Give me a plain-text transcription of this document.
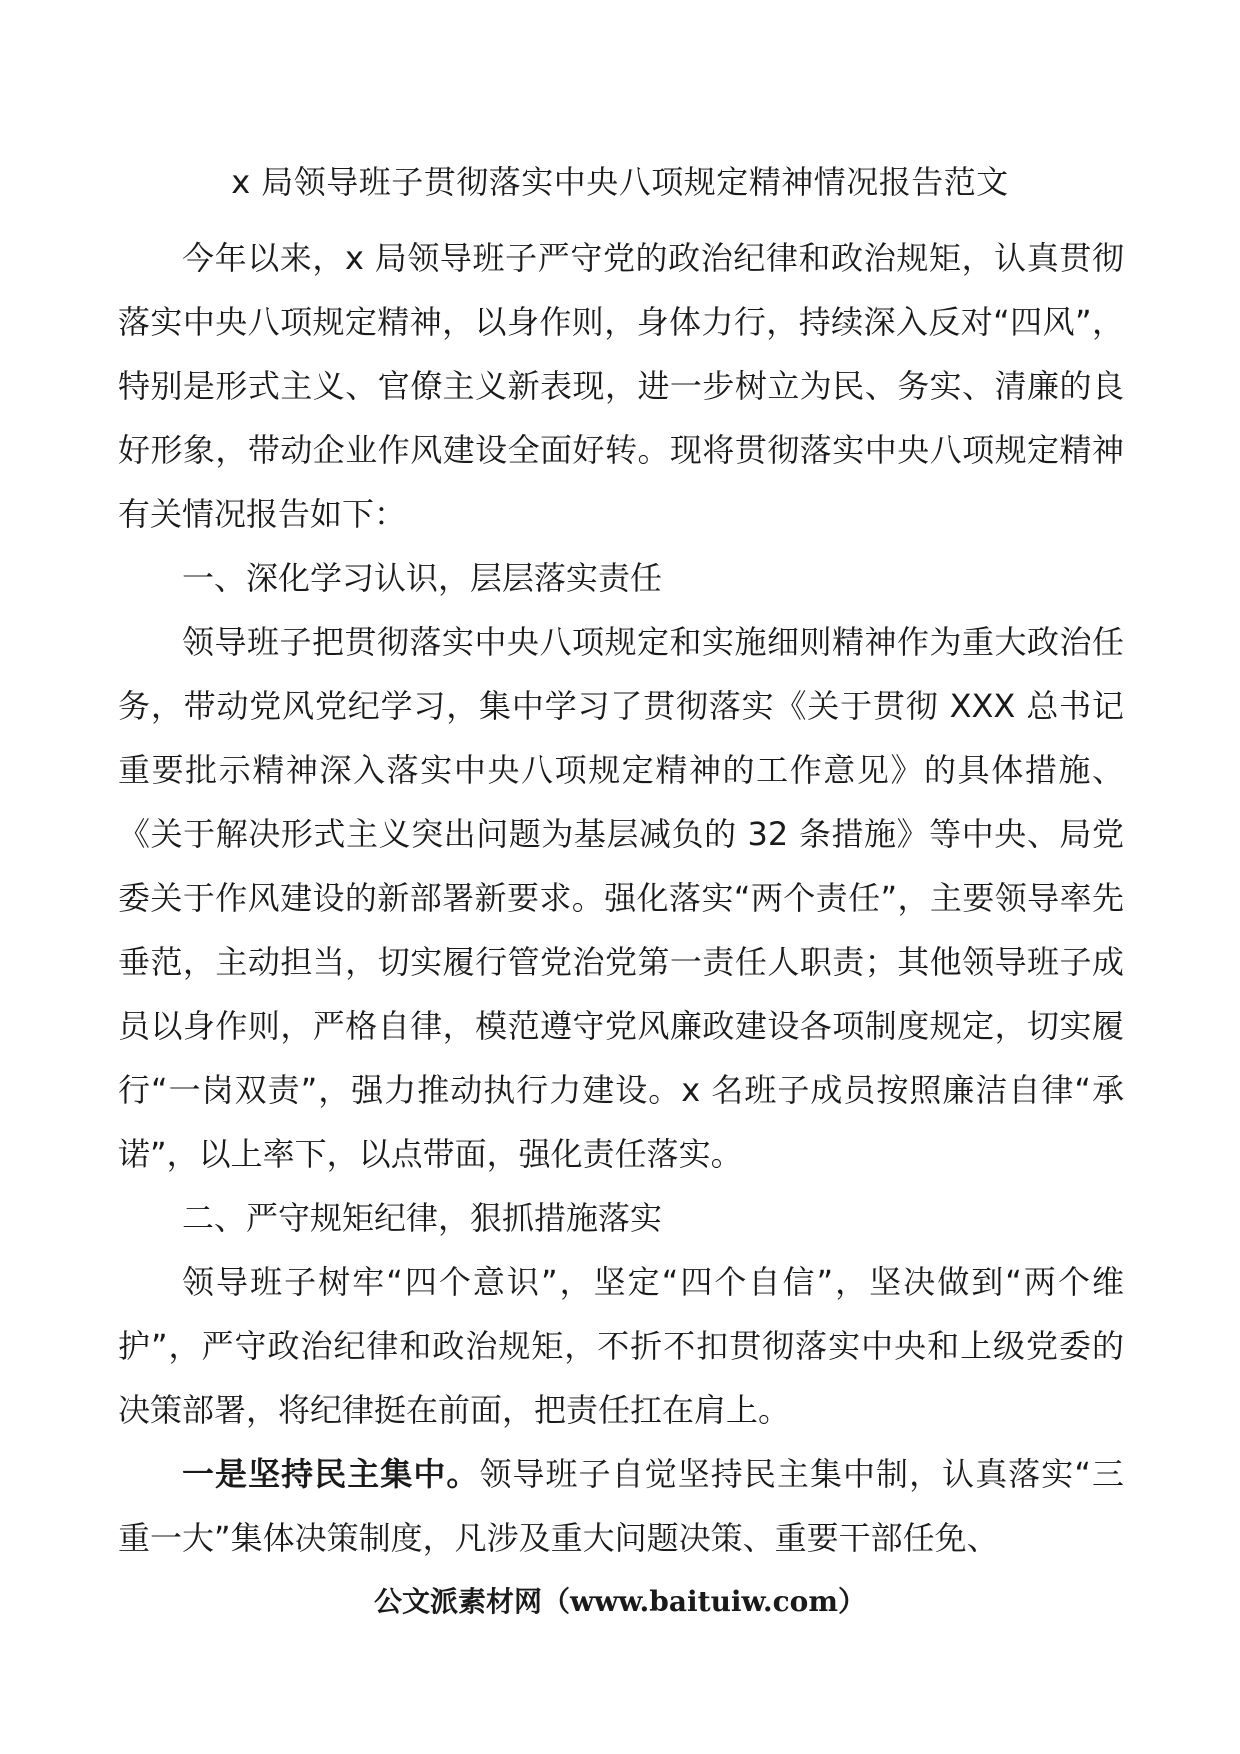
x 局领导班子贯彻落实中央八项规定精神情况报告范文

今年以来，x 局领导班子严守党的政治纪律和政治规矩，认真贯彻落实中央八项规定精神，以身作则，身体力行，持续深入反对“四风”，特别是形式主义、官僚主义新表现，进一步树立为民、务实、清廉的良好形象，带动企业作风建设全面好转。现将贯彻落实中央八项规定精神有关情况报告如下：

一、深化学习认识，层层落实责任

领导班子把贯彻落实中央八项规定和实施细则精神作为重大政治任务，带动党风党纪学习，集中学习了贯彻落实《关于贯彻 XXX 总书记重要批示精神深入落实中央八项规定精神的工作意见》的具体措施、《关于解决形式主义突出问题为基层减负的 32 条措施》等中央、局党委关于作风建设的新部署新要求。强化落实“两个责任”，主要领导率先垂范，主动担当，切实履行管党治党第一责任人职责；其他领导班子成员以身作则，严格自律，模范遵守党风廉政建设各项制度规定，切实履行“一岗双责”，强力推动执行力建设。x 名班子成员按照廉洁自律“承诺”，以上率下，以点带面，强化责任落实。

二、严守规矩纪律，狠抓措施落实

领导班子树牢“四个意识”，坚定“四个自信”，坚决做到“两个维护”，严守政治纪律和政治规矩，不折不扣贯彻落实中央和上级党委的决策部署，将纪律挺在前面，把责任扛在肩上。

一是坚持民主集中。领导班子自觉坚持民主集中制，认真落实“三重一大”集体决策制度，凡涉及重大问题决策、重要干部任免、

公文派素材网（www.baituiw.com）
